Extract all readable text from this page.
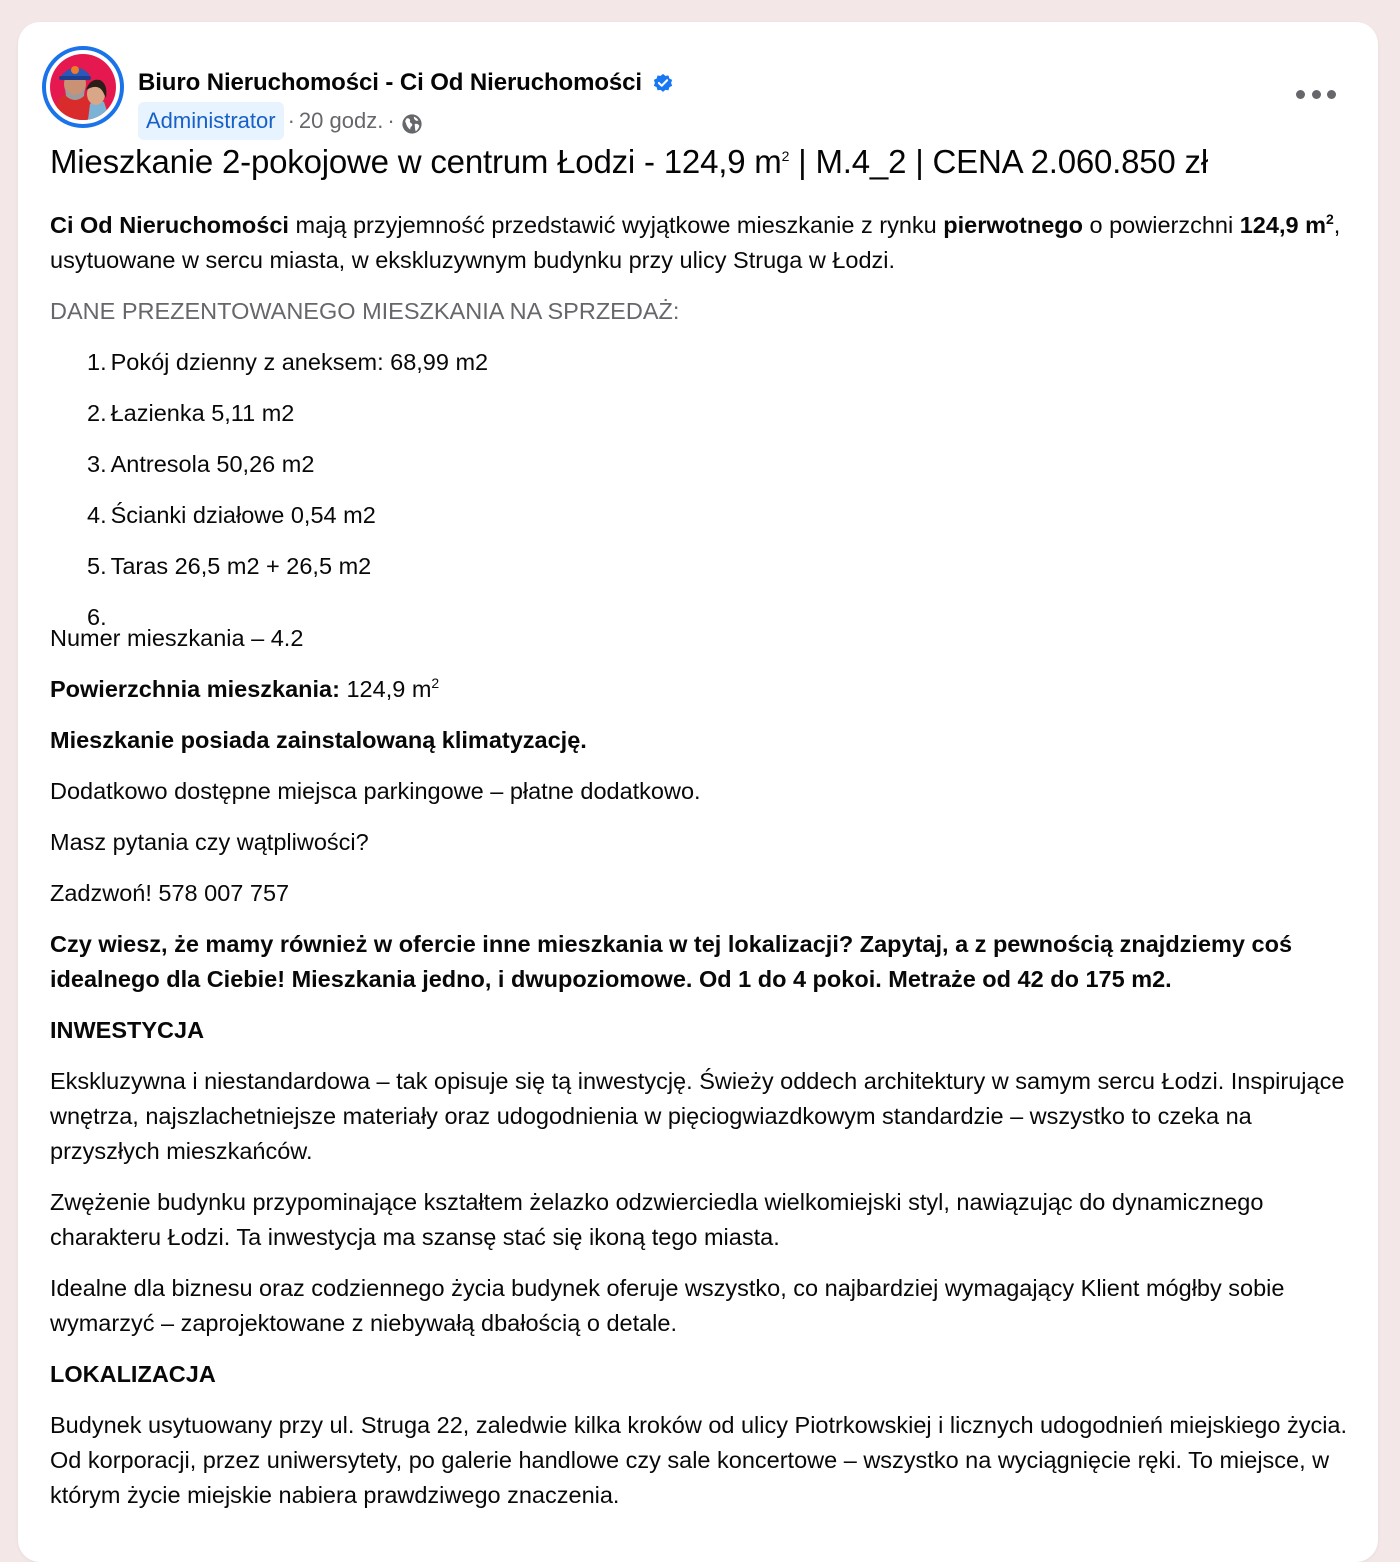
Biuro Nieruchomości - Ci Od Nieruchomości
Administrator · 20 godz. ·
Mieszkanie 2-pokojowe w centrum Łodzi - 124,9 $m^2$ | M.4_2 | CENA 2.060.850 zł

Ci Od Nieruchomości mają przyjemność przedstawić wyjątkowe mieszkanie z rynku pierwotnego o powierzchni 124,9 $m^2$, usytuowane w sercu miasta, w ekskluzywnym budynku przy ulicy Struga w Łodzi.

DANE PREZENTOWANEGO MIESZKANIA NA SPRZEDAŻ:

1. Pokój dzienny z aneksem: 68,99 m2
2. Łazienka 5,11 m2
3. Antresola 50,26 m2
4. Ścianki działowe 0,54 m2
5. Taras 26,5 m2 + 26,5 m2
6.

Numer mieszkania – 4.2

Powierzchnia mieszkania: 124,9 $m^2$

Mieszkanie posiada zainstalowaną klimatyzację.

Dodatkowo dostępne miejsca parkingowe – płatne dodatkowo.

Masz pytania czy wątpliwości?

Zadzwoń! 578 007 757

Czy wiesz, że mamy również w ofercie inne mieszkania w tej lokalizacji? Zapytaj, a z pewnością znajdziemy coś idealnego dla Ciebie! Mieszkania jedno, i dwupoziomowe. Od 1 do 4 pokoi. Metraże od 42 do 175 m2.

INWESTYCJA

Ekskluzywna i niestandardowa – tak opisuje się tą inwestycję. Świeży oddech architektury w samym sercu Łodzi. Inspirujące wnętrza, najszlachetniejsze materiały oraz udogodnienia w pięciogwiazdkowym standardzie – wszystko to czeka na przyszłych mieszkańców.

Zwężenie budynku przypominające kształtem żelazko odzwierciedla wielkomiejski styl, nawiązując do dynamicznego charakteru Łodzi. Ta inwestycja ma szansę stać się ikoną tego miasta.

Idealne dla biznesu oraz codziennego życia budynek oferuje wszystko, co najbardziej wymagający Klient mógłby sobie wymarzyć – zaprojektowane z niebywałą dbałością o detale.

LOKALIZACJA

Budynek usytuowany przy ul. Struga 22, zaledwie kilka kroków od ulicy Piotrkowskiej i licznych udogodnień miejskiego życia. Od korporacji, przez uniwersytety, po galerie handlowe czy sale koncertowe – wszystko na wyciągnięcie ręki. To miejsce, w którym życie miejskie nabiera prawdziwego znaczenia.
